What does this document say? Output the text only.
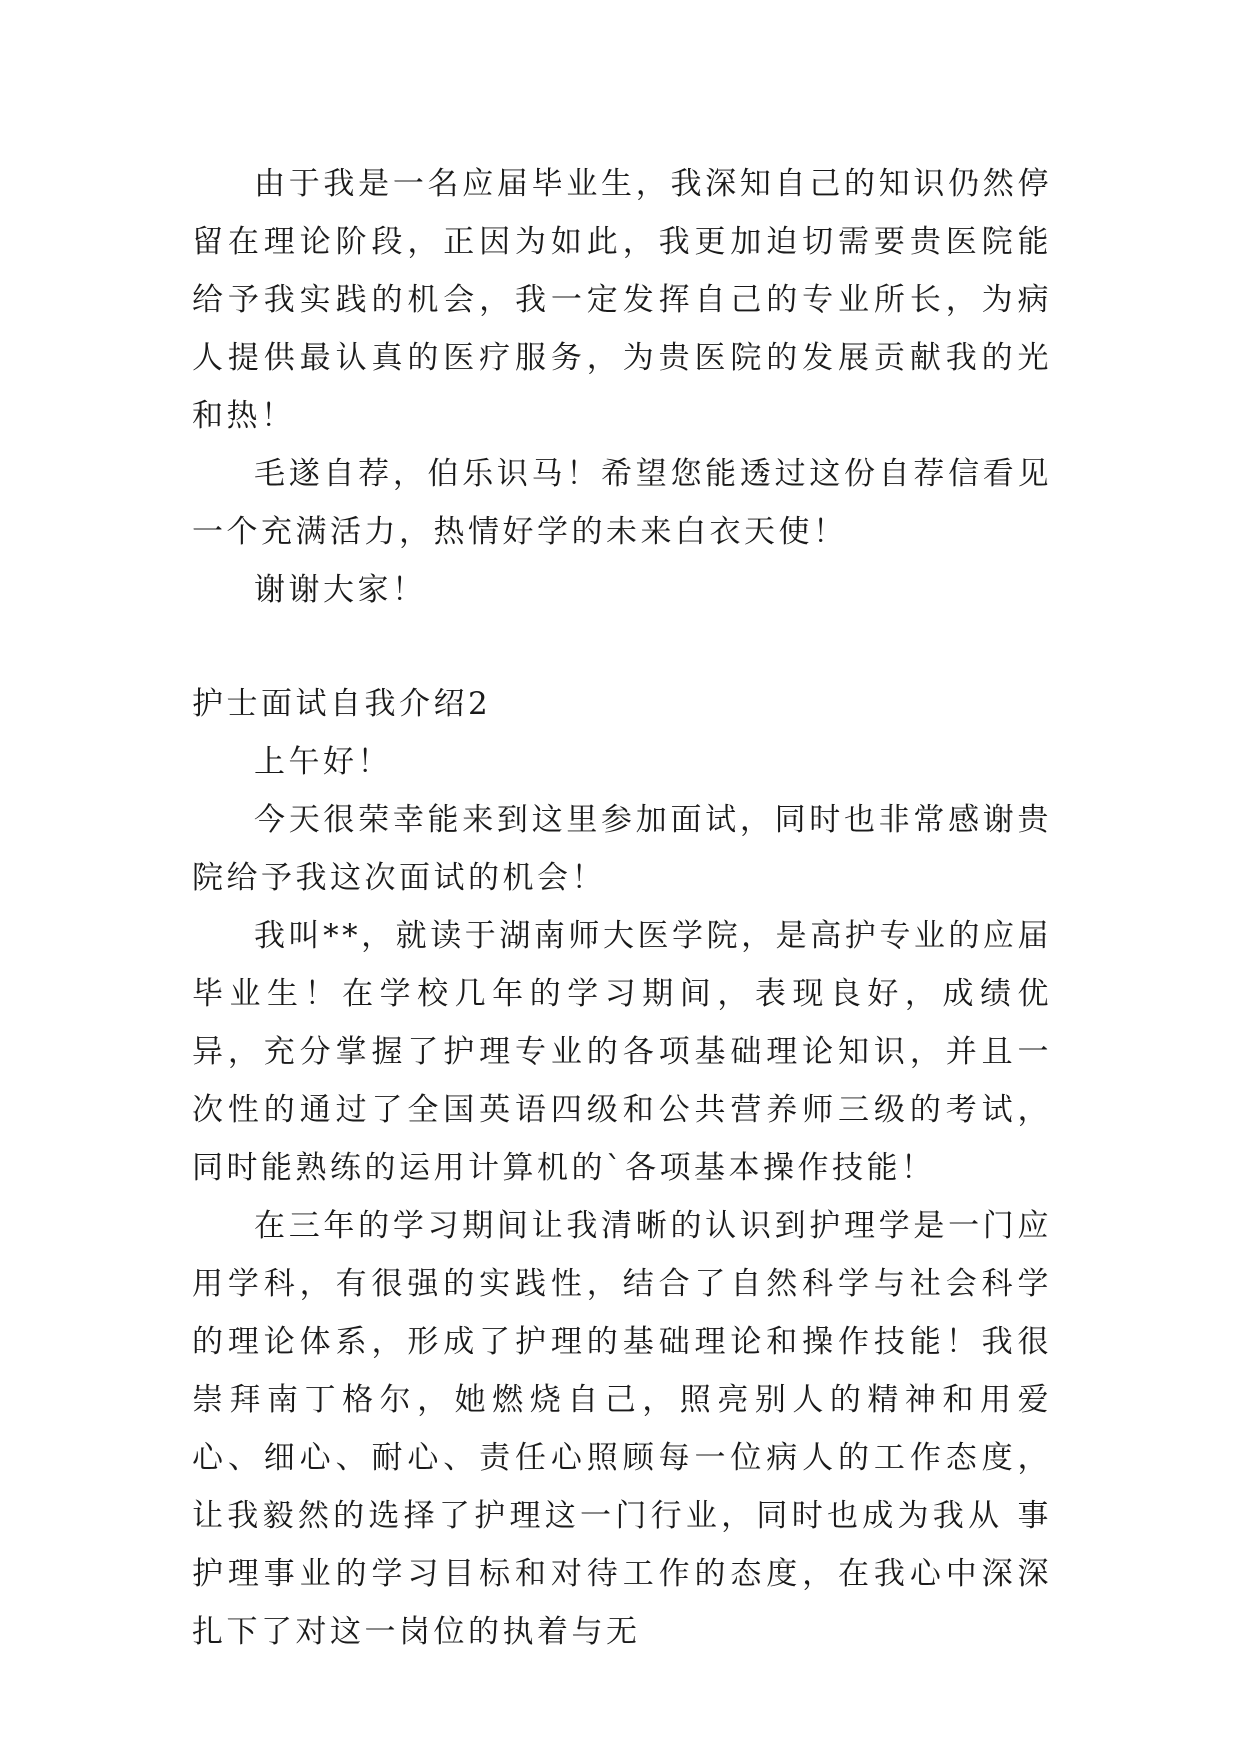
由于我是一名应届毕业生，我深知自己的知识仍然停留在理论阶段，正因为如此，我更加迫切需要贵医院能给予我实践的机会，我一定发挥自己的专业所长，为病人提供最认真的医疗服务，为贵医院的发展贡献我的光和热！

毛遂自荐，伯乐识马！希望您能透过这份自荐信看见一个充满活力，热情好学的未来白衣天使！

谢谢大家！

护士面试自我介绍2

上午好！

今天很荣幸能来到这里参加面试，同时也非常感谢贵院给予我这次面试的机会！

我叫**，就读于湖南师大医学院，是高护专业的应届毕业生！在学校几年的学习期间，表现良好，成绩优异，充分掌握了护理专业的各项基础理论知识，并且一次性的通过了全国英语四级和公共营养师三级的考试，同时能熟练的运用计算机的`各项基本操作技能！

在三年的学习期间让我清晰的认识到护理学是一门应用学科，有很强的实践性，结合了自然科学与社会科学的理论体系，形成了护理的基础理论和操作技能！我很 崇拜南丁格尔，她燃烧自己，照亮别人的精神和用爱心、细心、耐心、责任心照顾每一位病人的工作态度，让我毅然的选择了护理这一门行业，同时也成为我从 事护理事业的学习目标和对待工作的态度，在我心中深深扎下了对这一岗位的执着与无
